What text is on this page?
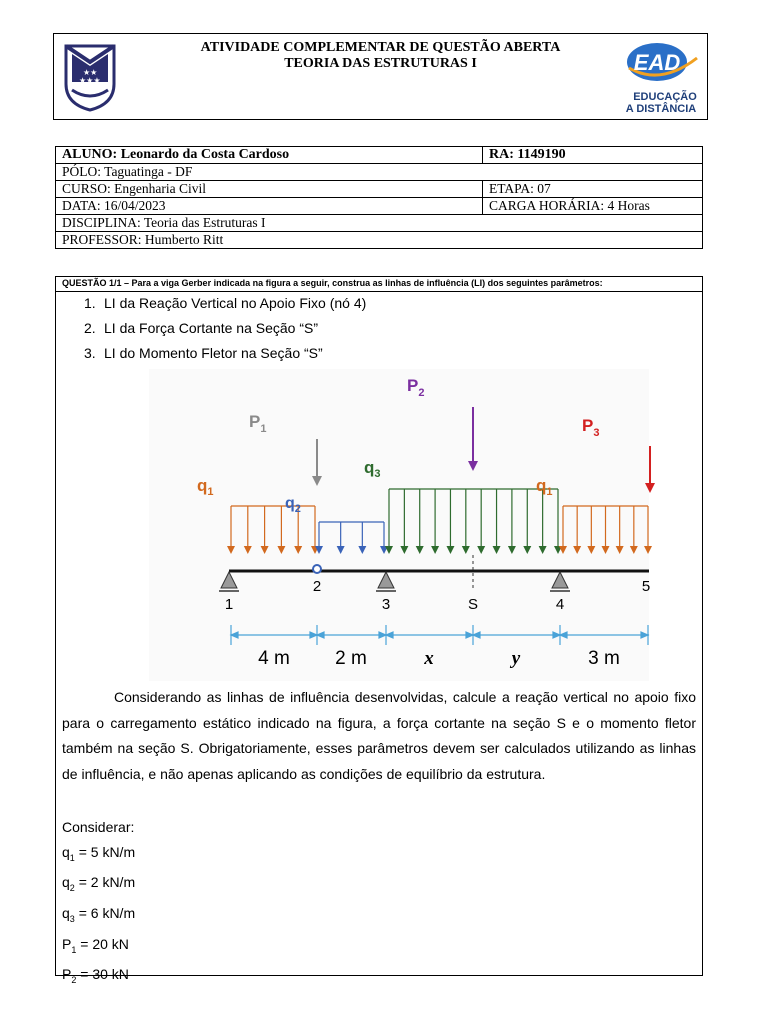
★★
★★★
ATIVIDADE COMPLEMENTAR DE QUESTÃO ABERTA
TEORIA DAS ESTRUTURAS I	EAD
EDUCAÇÃO
A DISTÂNCIA
ALUNO: Leonardo da Costa Cardoso	RA: 1149190
PÓLO: Taguatinga - DF	
CURSO: Engenharia Civil	ETAPA: 07
DATA: 16/04/2023	CARGA HORÁRIA: 4 Horas
DISCIPLINA: Teoria das Estruturas I	
PROFESSOR: Humberto Ritt	
QUESTÃO 1/1 – Para a viga Gerber indicada na figura a seguir, construa as linhas de influência (LI) dos seguintes parâmetros:
1. LI da Reação Vertical no Apoio Fixo (nó 4)
2. LI da Força Cortante na Seção “S”
3. LI do Momento Fletor na Seção “S”
$q_1$
$q_2$
$q_3$
$q_1$
$P_1$
$P_2$
$P_3$
1
2
3	S	4
5
4 m 2 m	x	y	3 m

Considerando as linhas de influência desenvolvidas, calcule a reação vertical no apoio fixo para o carregamento estático indicado na figura, a força cortante na seção S e o momento fletor também na seção S. Obrigatoriamente, esses parâmetros devem ser calculados utilizando as linhas de influência, e não apenas aplicando as condições de equilíbrio da estrutura.

Considerar:
$q_1 = 5$ kN/m
$q_2 = 2$ kN/m
$q_3 = 6$ kN/m
$P_1 = 20$ kN
$P_2 = 30$ kN
